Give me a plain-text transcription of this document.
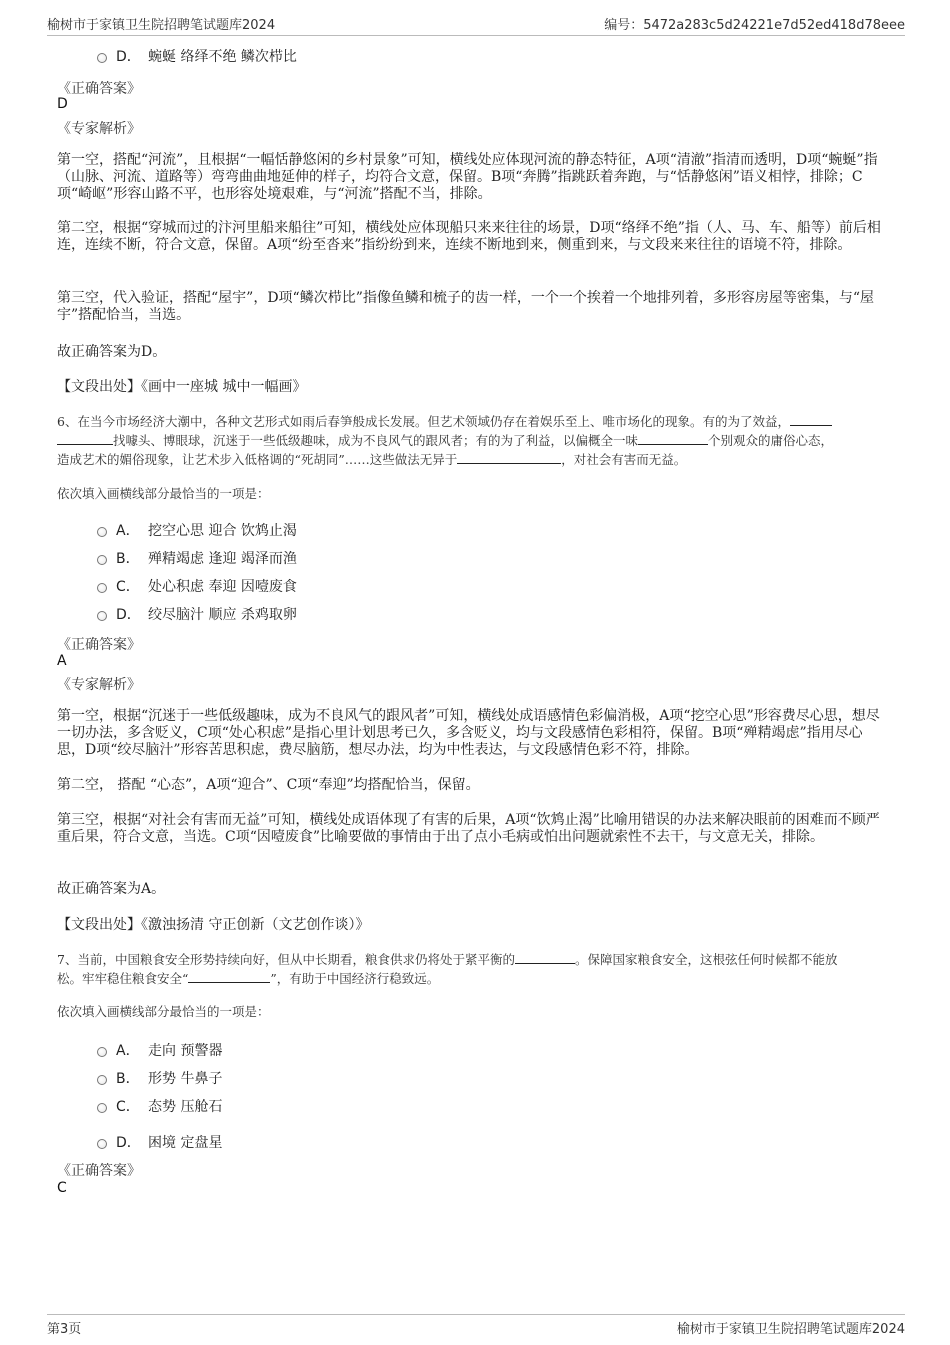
榆树市于家镇卫生院招聘笔试题库2024	编号：5472a283c5d24221e7d52ed418d78eee
D． 蜿蜒 络绎不绝 鳞次栉比
《正确答案》
D
《专家解析》
第一空，搭配“河流”，且根据“一幅恬静悠闲的乡村景象”可知，横线处应体现河流的静态特征，A项“清澈”指清而透明，D项“蜿蜒”指（山脉、河流、道路等）弯弯曲曲地延伸的样子，均符合文意，保留。B项“奔腾”指跳跃着奔跑，与“恬静悠闲”语义相悖，排除；C项“崎岖”形容山路不平，也形容处境艰难，与“河流”搭配不当，排除。
第二空，根据“穿城而过的汴河里船来船往”可知，横线处应体现船只来来往往的场景，D项“络绎不绝”指（人、马、车、船等）前后相连，连续不断，符合文意，保留。A项“纷至沓来”指纷纷到来，连续不断地到来，侧重到来，与文段来来往往的语境不符，排除。
第三空，代入验证，搭配“屋宇”，D项“鳞次栉比”指像鱼鳞和梳子的齿一样，一个一个挨着一个地排列着，多形容房屋等密集，与“屋宇”搭配恰当，当选。
故正确答案为D。
【文段出处】《画中一座城 城中一幅画》
6、在当今市场经济大潮中，各种文艺形式如雨后春笋般成长发展。但艺术领域仍存在着娱乐至上、唯市场化的现象。有的为了效益，
找噱头、博眼球，沉迷于一些低级趣味，成为不良风气的跟风者；有的为了利益，以偏概全一味	个别观众的庸俗心态，
造成艺术的媚俗现象，让艺术步入低格调的“死胡同”……这些做法无异于	，对社会有害而无益。
依次填入画横线部分最恰当的一项是：
A． 挖空心思 迎合 饮鸩止渴
B． 殚精竭虑 逢迎 竭泽而渔
C． 处心积虑 奉迎 因噎废食
D． 绞尽脑汁 顺应 杀鸡取卵
《正确答案》
A
《专家解析》
第一空，根据“沉迷于一些低级趣味，成为不良风气的跟风者”可知，横线处成语感情色彩偏消极，A项“挖空心思”形容费尽心思，想尽一切办法，多含贬义，C项“处心积虑”是指心里计划思考已久，多含贬义，均与文段感情色彩相符，保留。B项“殚精竭虑”指用尽心思，D项“绞尽脑汁”形容苦思积虑，费尽脑筋，想尽办法，均为中性表达，与文段感情色彩不符，排除。
第二空， 搭配 “心态”，A项“迎合”、C项“奉迎”均搭配恰当，保留。
第三空，根据“对社会有害而无益”可知，横线处成语体现了有害的后果，A项“饮鸩止渴”比喻用错误的办法来解决眼前的困难而不顾严重后果，符合文意，当选。C项“因噎废食”比喻要做的事情由于出了点小毛病或怕出问题就索性不去干，与文意无关，排除。
故正确答案为A。
【文段出处】《激浊扬清 守正创新（文艺创作谈）》
7、当前，中国粮食安全形势持续向好，但从中长期看，粮食供求仍将处于紧平衡的	。保障国家粮食安全，这根弦任何时候都不能放
松。牢牢稳住粮食安全“	”，有助于中国经济行稳致远。
依次填入画横线部分最恰当的一项是：
A． 走向 预警器
B． 形势 牛鼻子
C． 态势 压舱石
D． 困境 定盘星
《正确答案》
C
第3页	榆树市于家镇卫生院招聘笔试题库2024
